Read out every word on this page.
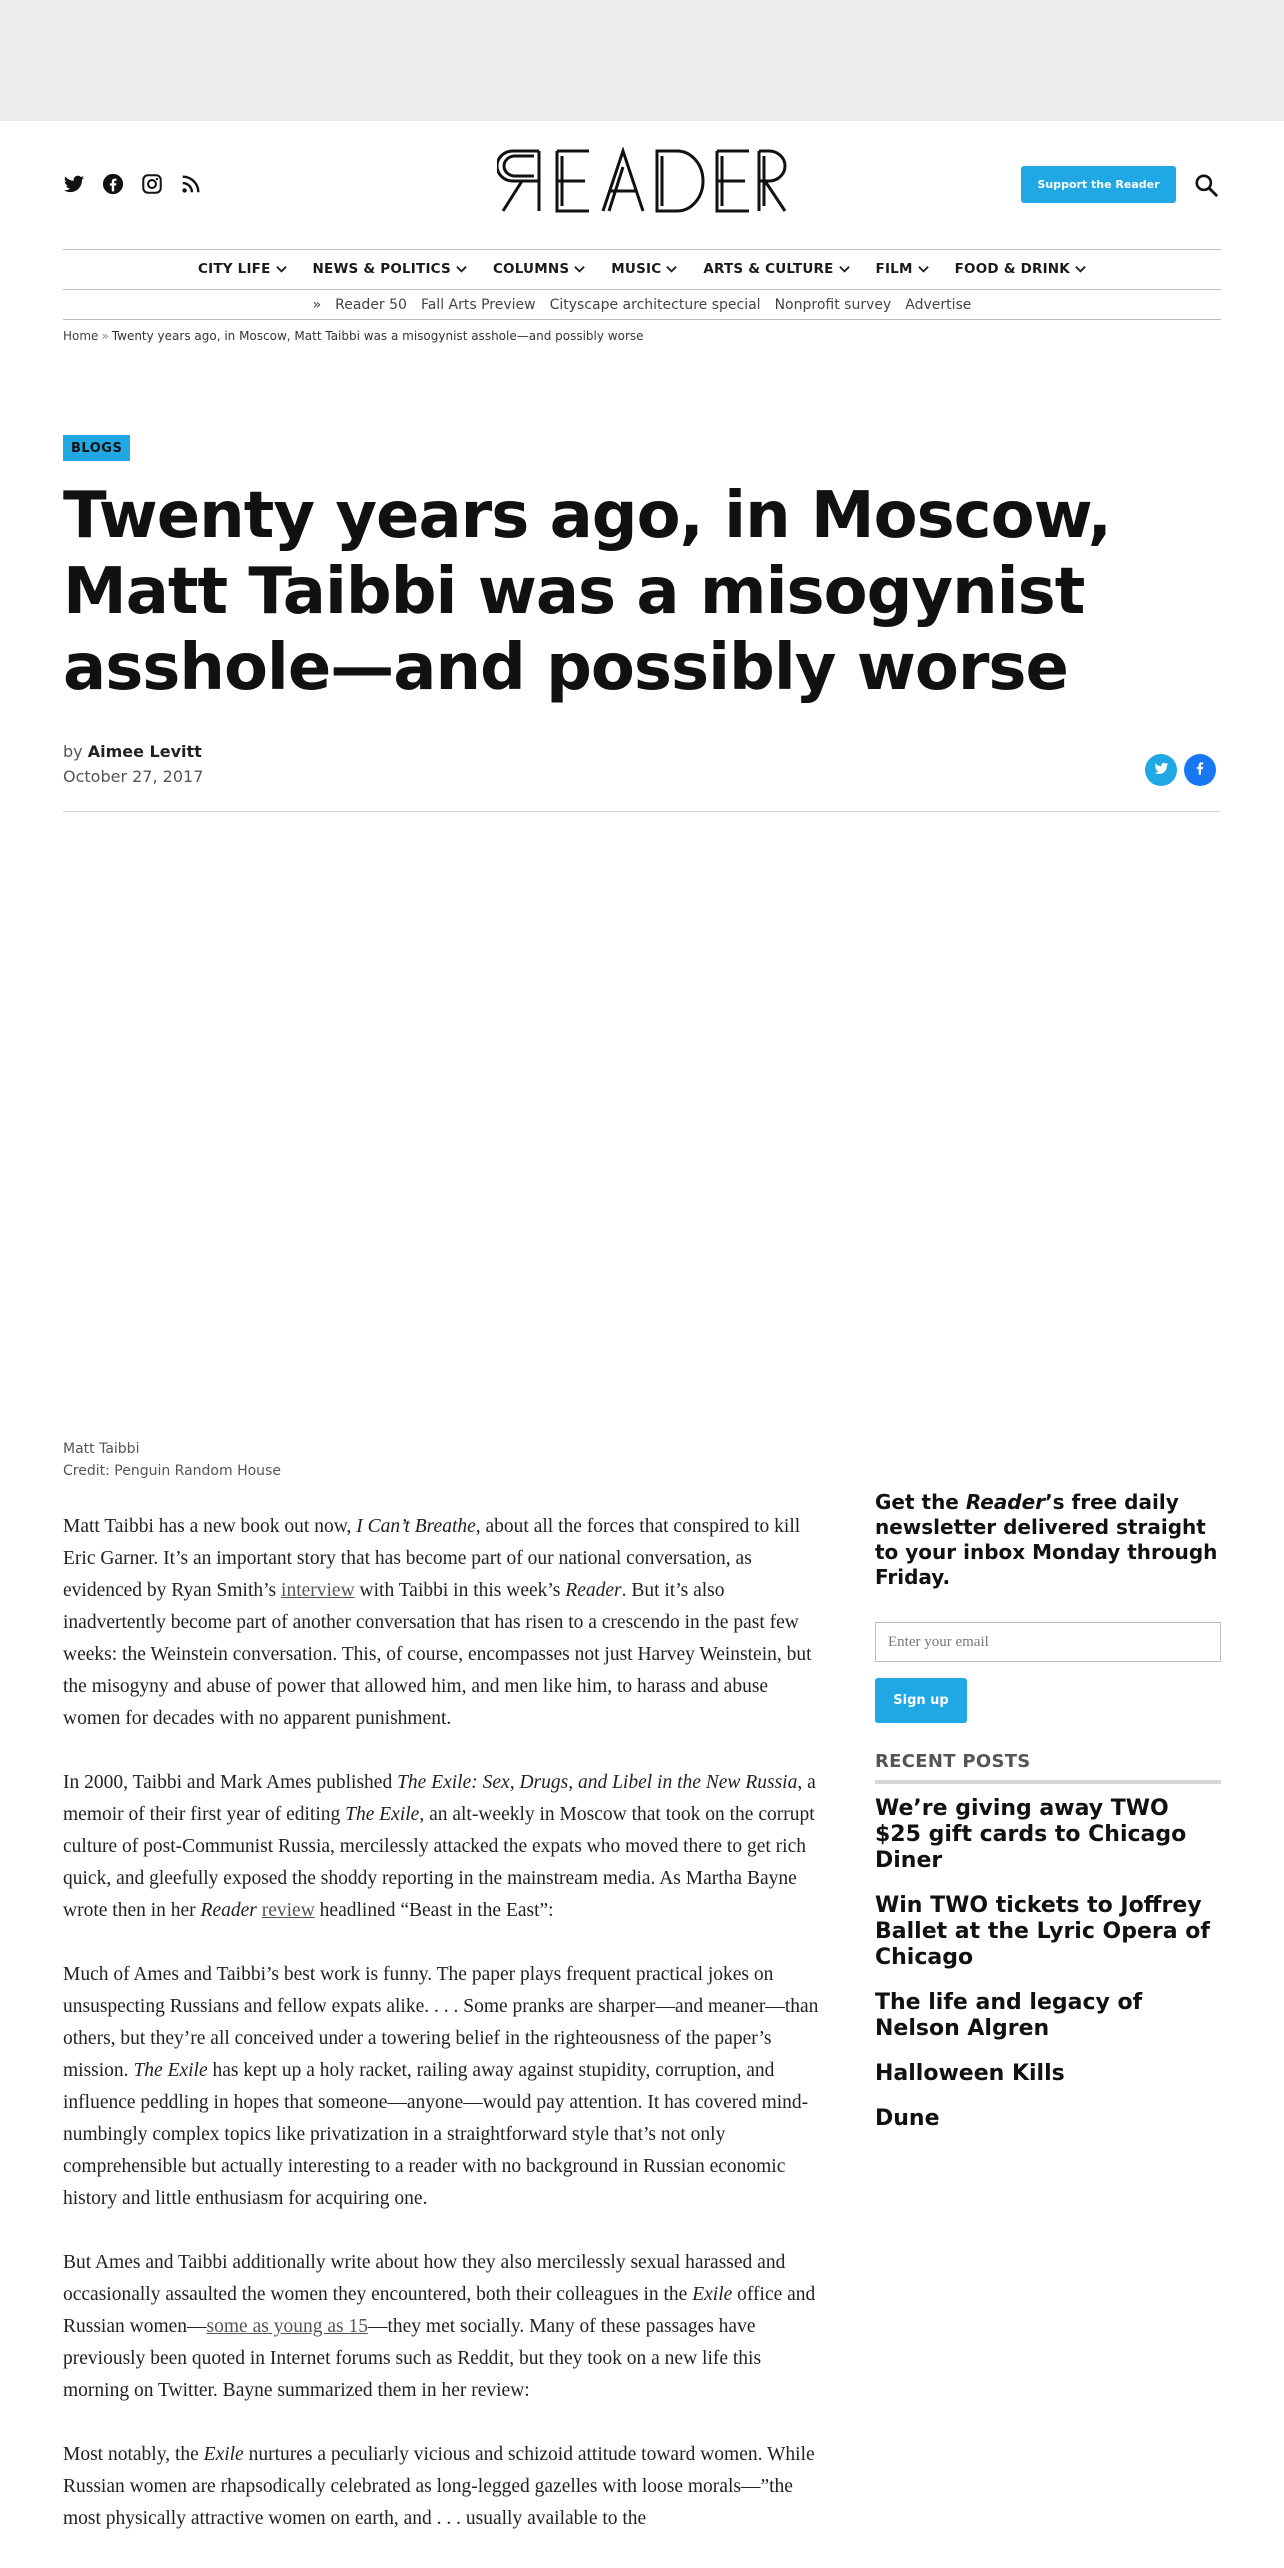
Support the Reader
CITY LIFE	NEWS & POLITICS	COLUMNS	MUSIC	ARTS & CULTURE	FILM	FOOD & DRINK
» Reader 50 Fall Arts Preview Cityscape architecture special Nonprofit survey Advertise
Home » Twenty years ago, in Moscow, Matt Taibbi was a misogynist asshole—and possibly worse
BLOGS
Twenty years ago, in Moscow, Matt Taibbi was a misogynist asshole—and possibly worse
by Aimee Levitt
October 27, 2017
Matt Taibbi
Credit: Penguin Random House

Matt Taibbi has a new book out now, I Can’t Breathe, about all the forces that conspired to kill Eric Garner. It’s an important story that has become part of our national conversation, as evidenced by Ryan Smith’s interview with Taibbi in this week’s Reader. But it’s also inadvertently become part of another conversation that has risen to a crescendo in the past few weeks: the Weinstein conversation. This, of course, encompasses not just Harvey Weinstein, but the misogyny and abuse of power that allowed him, and men like him, to harass and abuse women for decades with no apparent punishment.

In 2000, Taibbi and Mark Ames published The Exile: Sex, Drugs, and Libel in the New Russia, a memoir of their first year of editing The Exile, an alt-weekly in Moscow that took on the corrupt culture of post-Communist Russia, mercilessly attacked the expats who moved there to get rich quick, and gleefully exposed the shoddy reporting in the mainstream media. As Martha Bayne wrote then in her Reader review headlined “Beast in the East”:

Much of Ames and Taibbi’s best work is funny. The paper plays frequent practical jokes on unsuspecting Russians and fellow expats alike. . . . Some pranks are sharper—and meaner—than others, but they’re all conceived under a towering belief in the righteousness of the paper’s mission. The Exile has kept up a holy racket, railing away against stupidity, corruption, and influence peddling in hopes that someone—anyone—would pay attention. It has covered mind-numbingly complex topics like privatization in a straightforward style that’s not only comprehensible but actually interesting to a reader with no background in Russian economic history and little enthusiasm for acquiring one.

But Ames and Taibbi additionally write about how they also mercilessly sexual harassed and occasionally assaulted the women they encountered, both their colleagues in the Exile office and Russian women—some as young as 15—they met socially. Many of these passages have previously been quoted in Internet forums such as Reddit, but they took on a new life this morning on Twitter. Bayne summarized them in her review:

Most notably, the Exile nurtures a peculiarly vicious and schizoid attitude toward women. While Russian women are rhapsodically celebrated as long-legged gazelles with loose morals—”the most physically attractive women on earth, and . . . usually available to the

Get the Reader’s free daily newsletter delivered straight to your inbox Monday through Friday.
Enter your email Sign up
RECENT POSTS
We’re giving away TWO $25 gift cards to Chicago Diner
Win TWO tickets to Joffrey Ballet at the Lyric Opera of Chicago
The life and legacy of Nelson Algren
Halloween Kills
Dune
